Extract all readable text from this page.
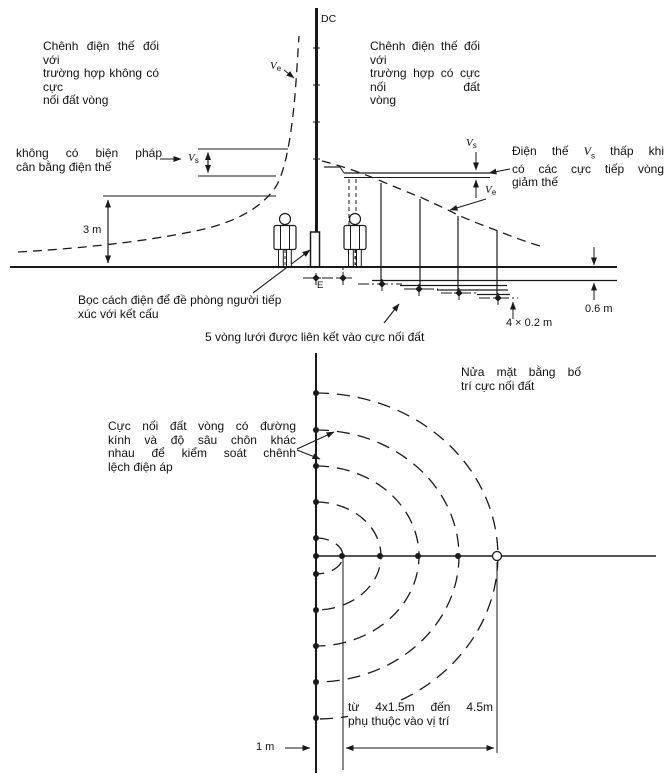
DC
Chênh điện thế đối với
trường hợp không có cực
nối đất vòng
Chênh điện thế đối với
trường hợp có cực nối đất
vòng
$V_e$
không có biện pháp
cân bằng điện thế
$V_s$
$V_s$	Điện thế $V_s$ thấp khi
có các cực tiếp vòng
giảm thế
$V_e$
3 m
E
Bọc cách điện để đề phòng người tiếp
xúc với kết cấu
5 vòng lưới được liên kết vào cực nối đất
0.6 m
4 × 0.2 m
Nửa mặt bằng bố
trí cực nối đất
Cực nối đất vòng có đường
kính và độ sâu chôn khác
nhau để kiểm soát chênh
lệch điện áp
từ 4x1.5m đến 4.5m
phụ thuộc vào vị trí
1 m
